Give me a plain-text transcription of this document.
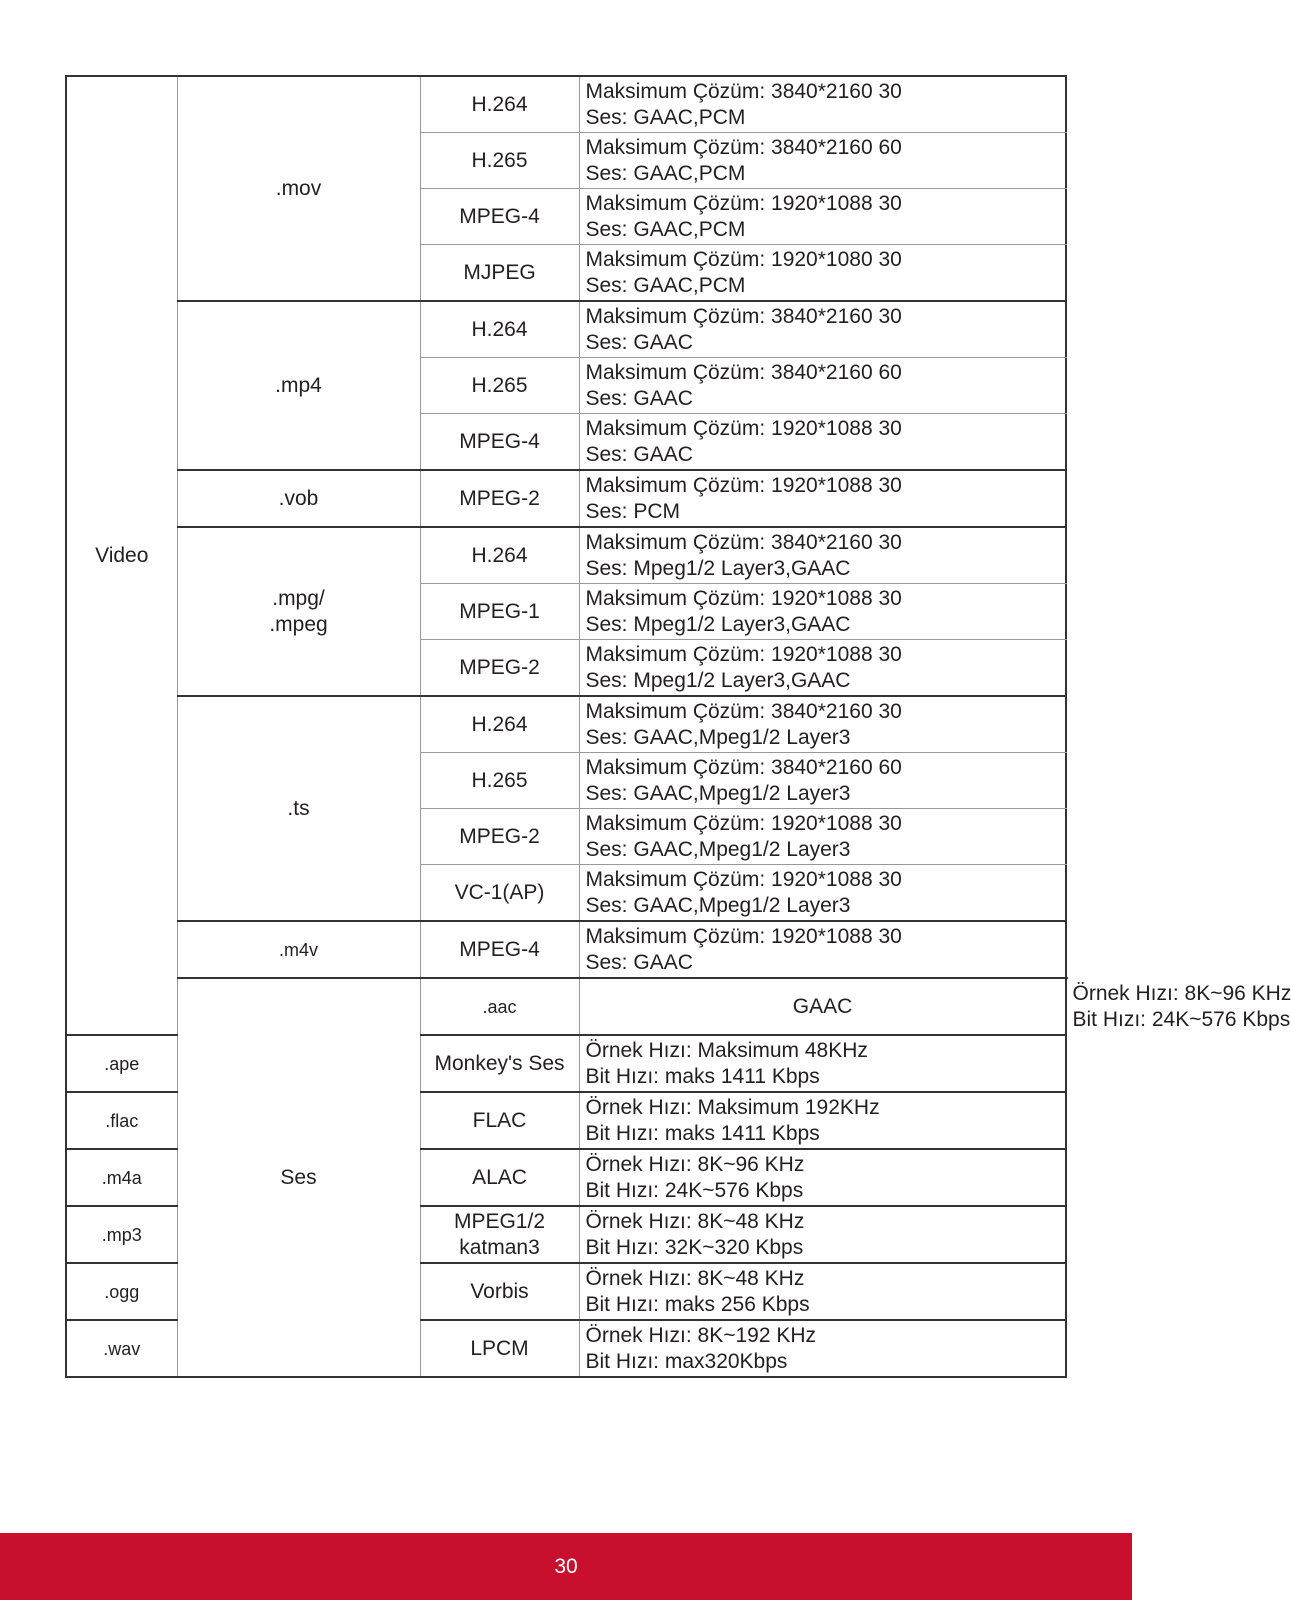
Video	.mov	H.264	Maksimum Çözüm: 3840*2160 30
Ses: GAAC,PCM	

		H.265	Maksimum Çözüm: 3840*2160 60
Ses: GAAC,PCM	

		MPEG-4	Maksimum Çözüm: 1920*1088 30
Ses: GAAC,PCM	

		MJPEG	Maksimum Çözüm: 1920*1080 30
Ses: GAAC,PCM	

	.mp4	H.264	Maksimum Çözüm: 3840*2160 30
Ses: GAAC	

		H.265	Maksimum Çözüm: 3840*2160 60
Ses: GAAC	

		MPEG-4	Maksimum Çözüm: 1920*1088 30
Ses: GAAC	

	.vob	MPEG-2	Maksimum Çözüm: 1920*1088 30
Ses: PCM	

	.mpg/
.mpeg	H.264	Maksimum Çözüm: 3840*2160 30
Ses: Mpeg1/2 Layer3,GAAC	

		MPEG-1	Maksimum Çözüm: 1920*1088 30
Ses: Mpeg1/2 Layer3,GAAC	

		MPEG-2	Maksimum Çözüm: 1920*1088 30
Ses: Mpeg1/2 Layer3,GAAC	

	.ts	H.264	Maksimum Çözüm: 3840*2160 30
Ses: GAAC,Mpeg1/2 Layer3	

		H.265	Maksimum Çözüm: 3840*2160 60
Ses: GAAC,Mpeg1/2 Layer3	

		MPEG-2	Maksimum Çözüm: 1920*1088 30
Ses: GAAC,Mpeg1/2 Layer3	

		VC-1(AP)	Maksimum Çözüm: 1920*1088 30
Ses: GAAC,Mpeg1/2 Layer3	

	.m4v	MPEG-4	Maksimum Çözüm: 1920*1088 30
Ses: GAAC	

	Ses	.aac	GAAC	Örnek Hızı: 8K~96 KHz
Bit Hızı: 24K~576 Kbps

.ape		Monkey's Ses	Örnek Hızı: Maksimum 48KHz
Bit Hızı: maks 1411 Kbps	

.flac		FLAC	Örnek Hızı: Maksimum 192KHz
Bit Hızı: maks 1411 Kbps	

.m4a		ALAC	Örnek Hızı: 8K~96 KHz
Bit Hızı: 24K~576 Kbps	

.mp3		MPEG1/2
katman3	Örnek Hızı: 8K~48 KHz
Bit Hızı: 32K~320 Kbps	

.ogg		Vorbis	Örnek Hızı: 8K~48 KHz
Bit Hızı: maks 256 Kbps	

.wav		LPCM	Örnek Hızı: 8K~192 KHz
Bit Hızı: max320Kbps	
30
